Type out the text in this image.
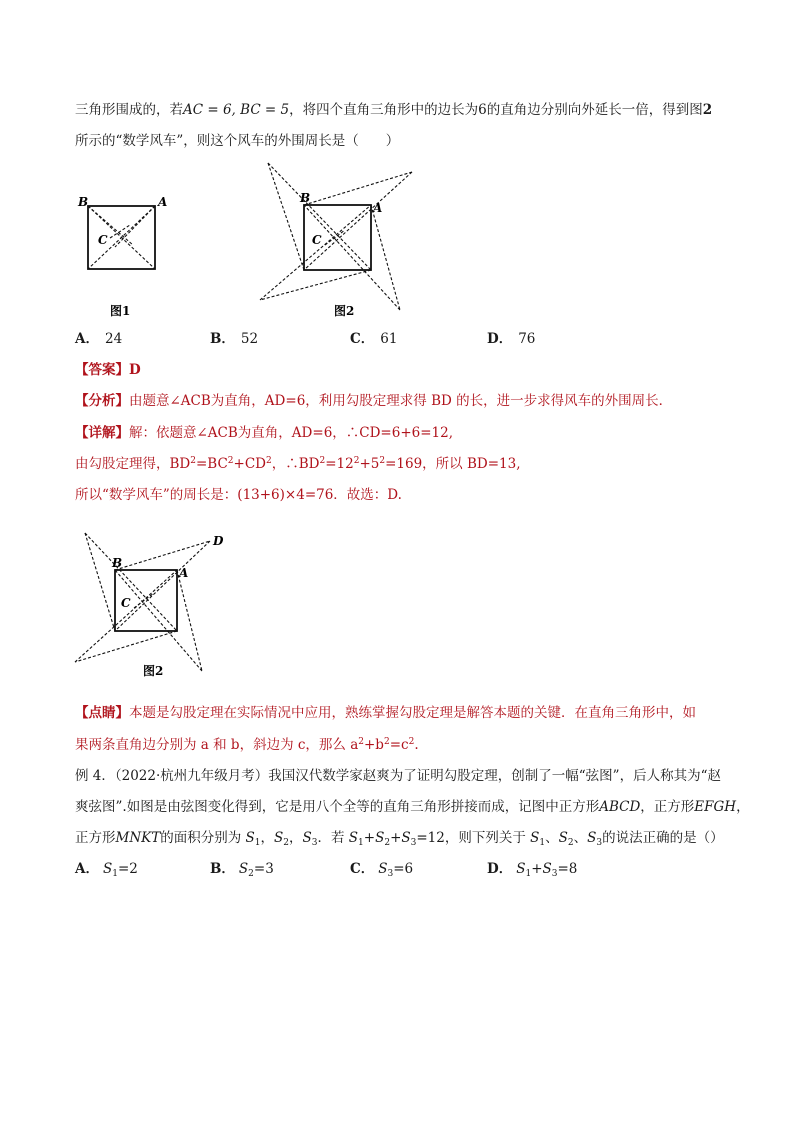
三角形围成的，若AC = 6, BC = 5，将四个直角三角形中的边长为6的直角边分别向外延长一倍，得到图2
所示的“数学风车”，则这个风车的外围周长是（　　）
B	A
C
图1
B
A
C
图2
A． 24	B． 52	C． 61	D． 76
【答案】D
【分析】由题意∠ACB为直角，AD=6，利用勾股定理求得 BD 的长，进一步求得风车的外围周长．
【详解】解：依题意∠ACB为直角，AD=6，∴CD=6+6=12,
由勾股定理得，$BD^2=BC^2+CD^2$，$\therefore BD^2=12^2+5^2=169$，所以 BD=13,
所以“数学风车”的周长是：(13+6)×4=76．故选：D.
B
A
C
D
图2
【点睛】本题是勾股定理在实际情况中应用，熟练掌握勾股定理是解答本题的关键．在直角三角形中，如
果两条直角边分别为 a 和 b，斜边为 c，那么 $a^2+b^2=c^2$.
例 4．（2022·杭州九年级月考）我国汉代数学家赵爽为了证明勾股定理，创制了一幅“弦图”，后人称其为“赵
爽弦图”.如图是由弦图变化得到，它是用八个全等的直角三角形拼接而成，记图中正方形ABCD，正方形EFGH，
正方形MNKT的面积分别为 $S_1$，$S_2$，$S_3$．若 $S_1+S_2+S_3=12$，则下列关于 $S_1$、$S_2$、$S_3$的说法正确的是（）
A． $S_1=2$	B． $S_2=3$	C． $S_3=6$	D． $S_1+S_3=8$
